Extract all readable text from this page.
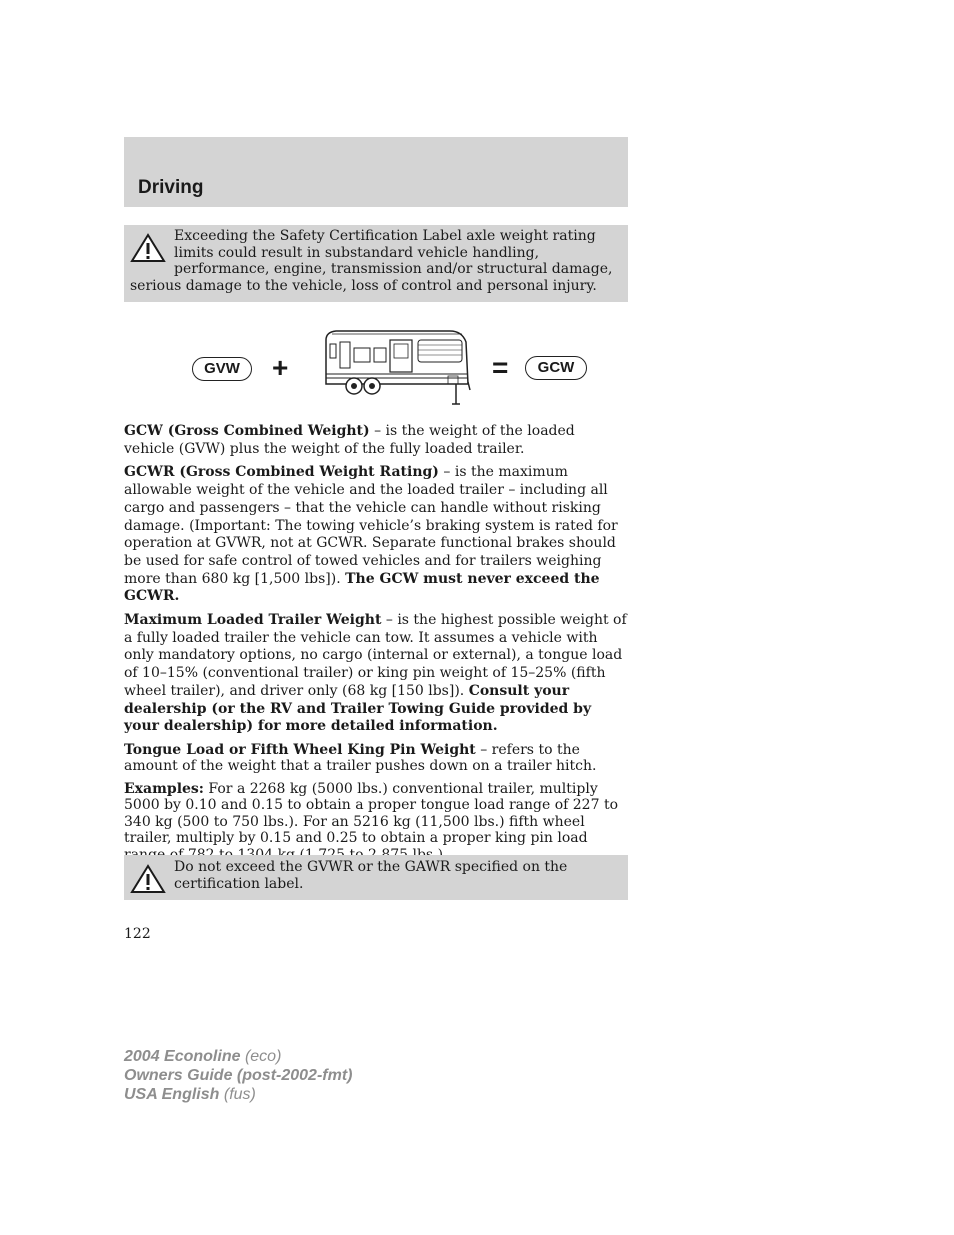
Driving

Exceeding the Safety Certification Label axle weight rating limits could result in substandard vehicle handling, performance, engine, transmission and/or structural damage, serious damage to the vehicle, loss of control and personal injury.

GVW	+	=	GCW

GCW (Gross Combined Weight) – is the weight of the loaded vehicle (GVW) plus the weight of the fully loaded trailer.

GCWR (Gross Combined Weight Rating) – is the maximum allowable weight of the vehicle and the loaded trailer – including all cargo and passengers – that the vehicle can handle without risking damage. (Important: The towing vehicle’s braking system is rated for operation at GVWR, not at GCWR. Separate functional brakes should be used for safe control of towed vehicles and for trailers weighing more than 680 kg [1,500 lbs]). The GCW must never exceed the GCWR.

Maximum Loaded Trailer Weight – is the highest possible weight of a fully loaded trailer the vehicle can tow. It assumes a vehicle with only mandatory options, no cargo (internal or external), a tongue load of 10–15% (conventional trailer) or king pin weight of 15–25% (fifth wheel trailer), and driver only (68 kg [150 lbs]). Consult your dealership (or the RV and Trailer Towing Guide provided by your dealership) for more detailed information.

Tongue Load or Fifth Wheel King Pin Weight – refers to the amount of the weight that a trailer pushes down on a trailer hitch.

Examples: For a 2268 kg (5000 lbs.) conventional trailer, multiply 5000 by 0.10 and 0.15 to obtain a proper tongue load range of 227 to 340 kg (500 to 750 lbs.). For an 5216 kg (11,500 lbs.) fifth wheel trailer, multiply by 0.15 and 0.25 to obtain a proper king pin load

Do not exceed the GVWR or the GAWR specified on the certification label.

122
2004 Econoline (eco)
Owners Guide (post-2002-fmt)
USA English (fus)
